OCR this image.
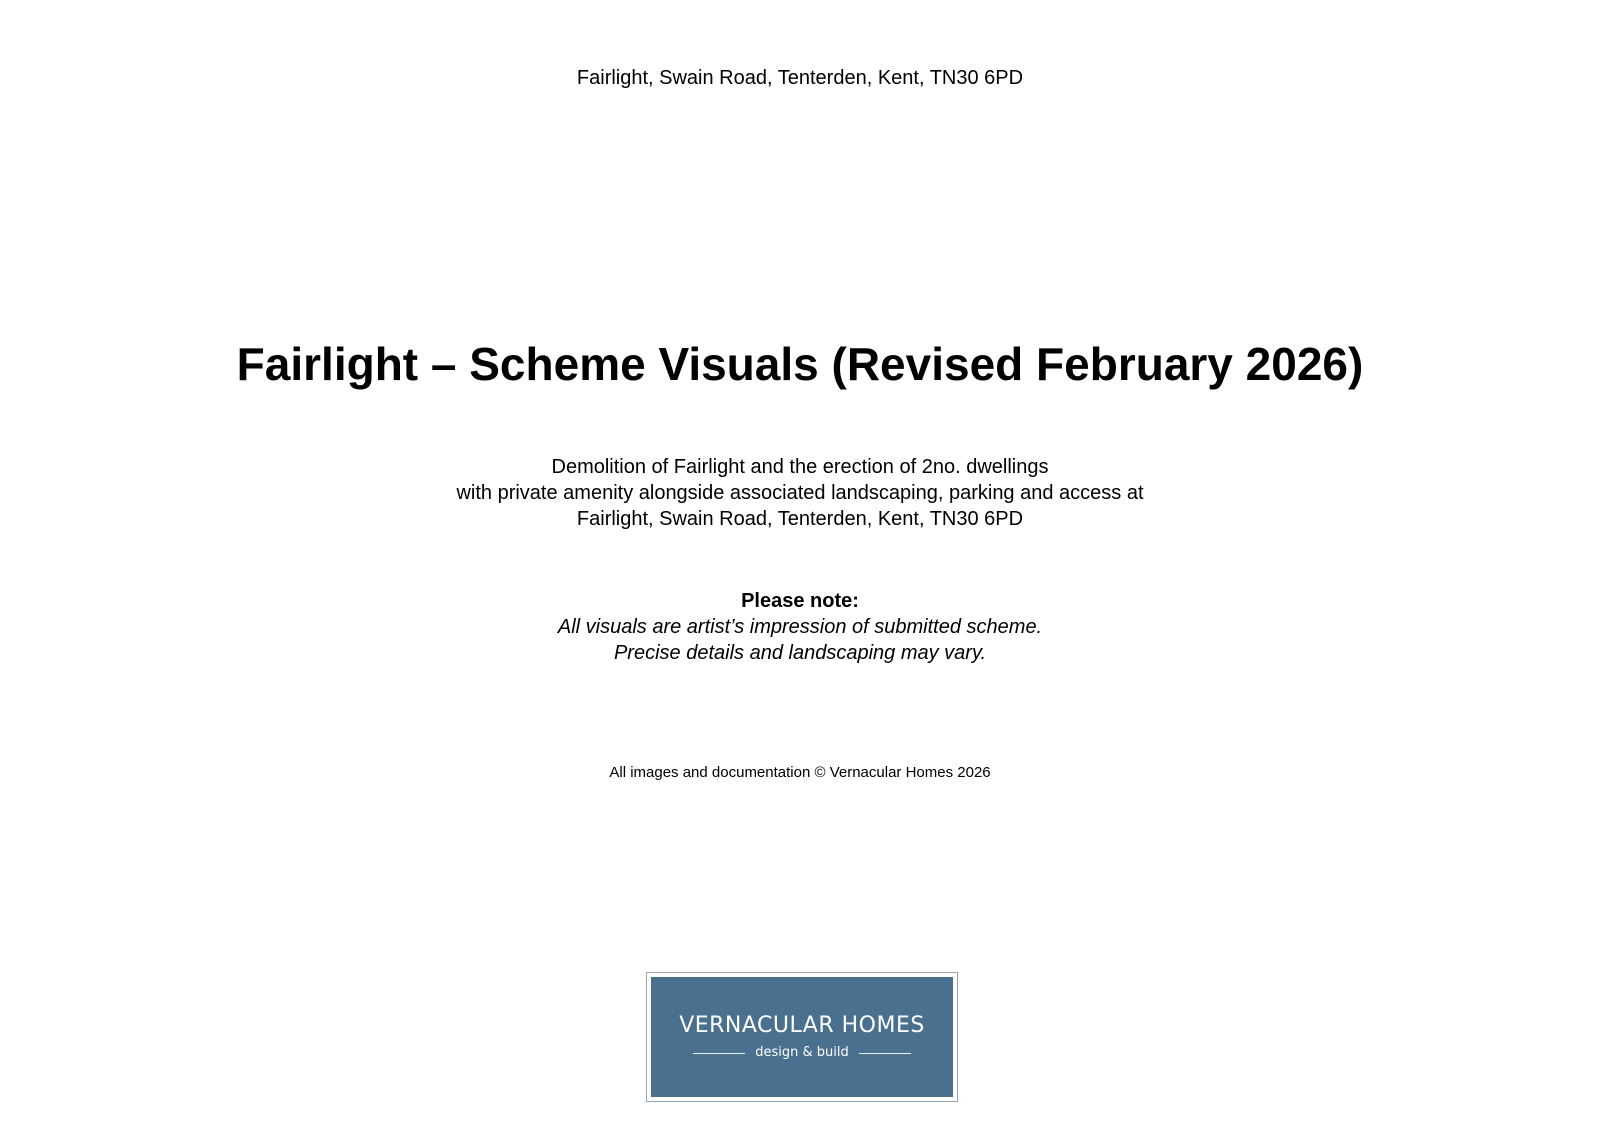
Fairlight, Swain Road, Tenterden, Kent, TN30 6PD
Fairlight – Scheme Visuals (Revised February 2026)
Demolition of Fairlight and the erection of 2no. dwellings
with private amenity alongside associated landscaping, parking and access at
Fairlight, Swain Road, Tenterden, Kent, TN30 6PD
Please note:
All visuals are artist’s impression of submitted scheme.
Precise details and landscaping may vary.
All images and documentation © Vernacular Homes 2026
VERNACULAR HOMES
design & build
